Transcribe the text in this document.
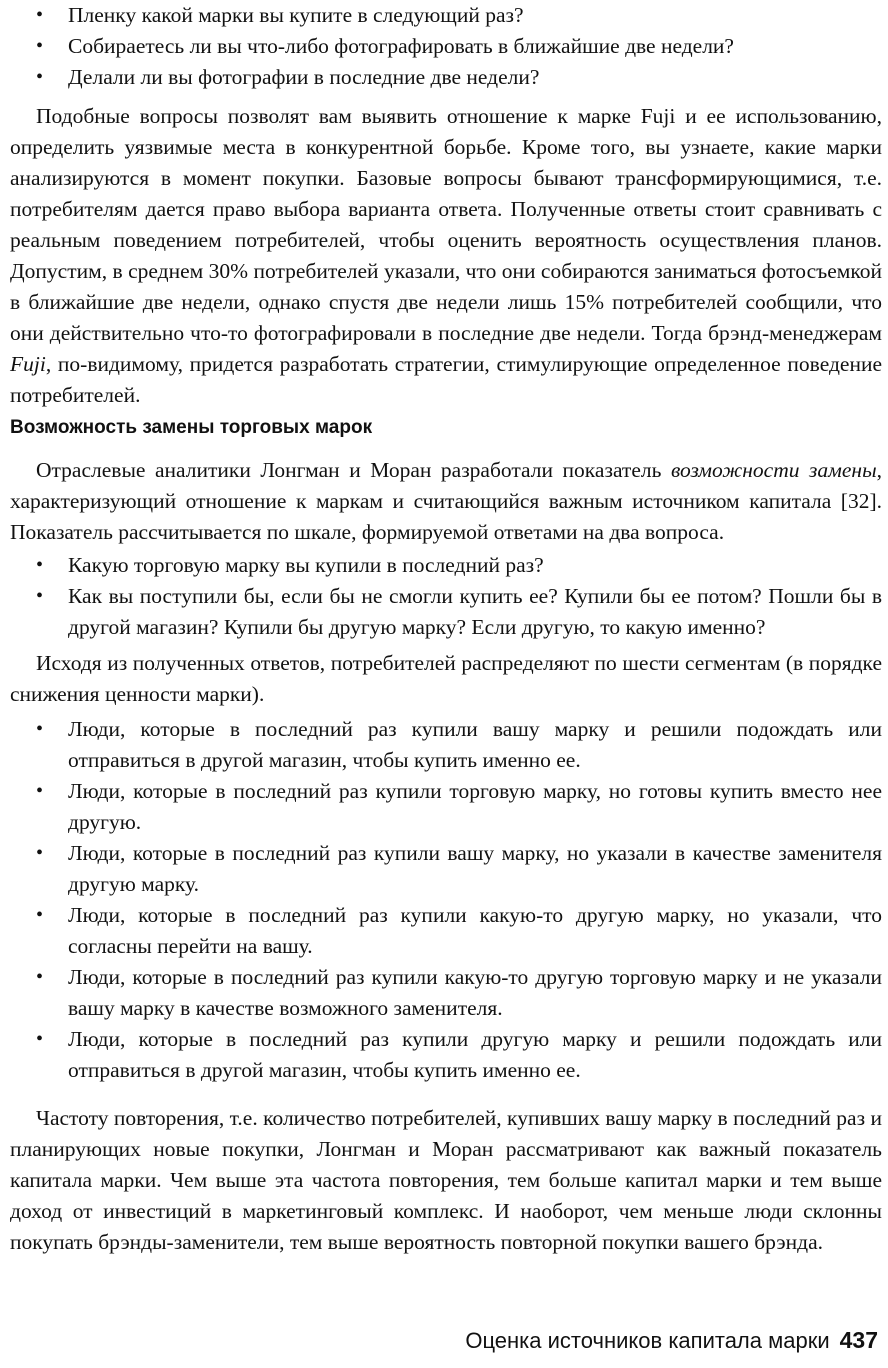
• Пленку какой марки вы купите в следующий раз?
• Собираетесь ли вы что-либо фотографировать в ближайшие две недели?
• Делали ли вы фотографии в последние две недели?

Подобные вопросы позволят вам выявить отношение к марке Fuji и ее использованию, определить уязвимые места в конкурентной борьбе. Кроме того, вы узнаете, какие марки анализируются в момент покупки. Базовые вопросы бывают трансформирующимися, т.е. потребителям дается право выбора варианта ответа. Полученные ответы стоит сравнивать с реальным поведением потребителей, чтобы оценить вероятность осуществления планов. Допустим, в среднем 30% потребителей указали, что они собираются заниматься фотосъемкой в ближайшие две недели, однако спустя две недели лишь 15% потребителей сообщили, что они действительно что-то фотографировали в последние две недели. Тогда брэнд-менеджерам Fuji, по-видимому, придется разработать стратегии, стимулирующие определенное поведение потребителей.

Возможность замены торговых марок

Отраслевые аналитики Лонгман и Моран разработали показатель возможности замены, характеризующий отношение к маркам и считающийся важным источником капитала [32]. Показатель рассчитывается по шкале, формируемой ответами на два вопроса.

• Какую торговую марку вы купили в последний раз?
• Как вы поступили бы, если бы не смогли купить ее? Купили бы ее потом? Пошли бы в другой магазин? Купили бы другую марку? Если другую, то какую именно?

Исходя из полученных ответов, потребителей распределяют по шести сегментам (в порядке снижения ценности марки).

• Люди, которые в последний раз купили вашу марку и решили подождать или отправиться в другой магазин, чтобы купить именно ее.
• Люди, которые в последний раз купили торговую марку, но готовы купить вместо нее другую.
• Люди, которые в последний раз купили вашу марку, но указали в качестве заменителя другую марку.
• Люди, которые в последний раз купили какую-то другую марку, но указали, что согласны перейти на вашу.
• Люди, которые в последний раз купили какую-то другую торговую марку и не указали вашу марку в качестве возможного заменителя.
• Люди, которые в последний раз купили другую марку и решили подождать или отправиться в другой магазин, чтобы купить именно ее.

Частоту повторения, т.е. количество потребителей, купивших вашу марку в последний раз и планирующих новые покупки, Лонгман и Моран рассматривают как важный показатель капитала марки. Чем выше эта частота повторения, тем больше капитал марки и тем выше доход от инвестиций в маркетинговый комплекс. И наоборот, чем меньше люди склонны покупать брэнды-заменители, тем выше вероятность повторной покупки вашего брэнда.

Оценка источников капитала марки 437
